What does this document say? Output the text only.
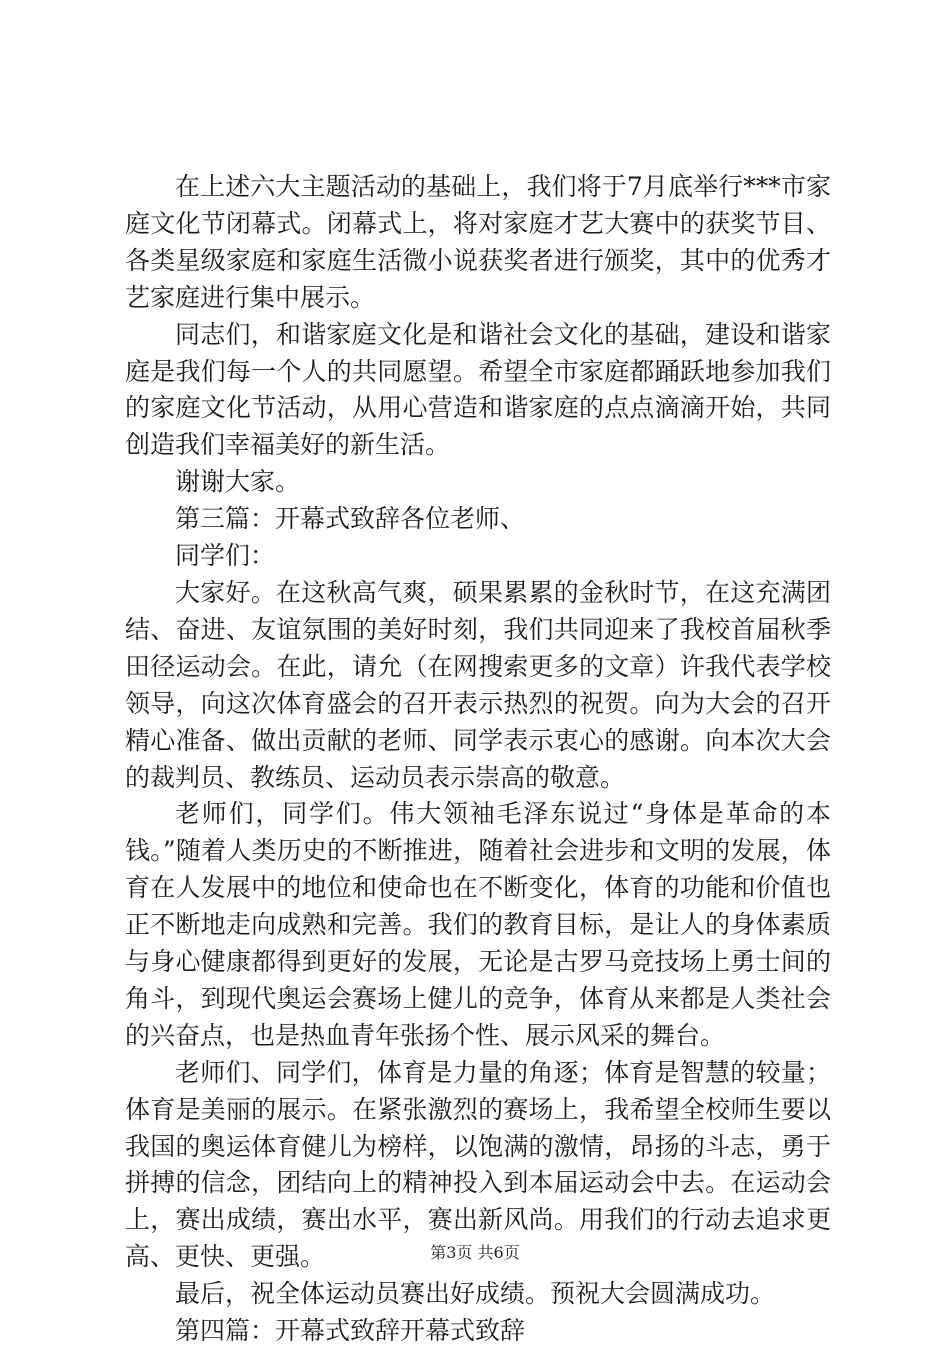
在上述六大主题活动的基础上，我们将于7月底举行***市家庭文化节闭幕式。闭幕式上，将对家庭才艺大赛中的获奖节目、各类星级家庭和家庭生活微小说获奖者进行颁奖，其中的优秀才艺家庭进行集中展示。

同志们，和谐家庭文化是和谐社会文化的基础，建设和谐家庭是我们每一个人的共同愿望。希望全市家庭都踊跃地参加我们的家庭文化节活动，从用心营造和谐家庭的点点滴滴开始，共同创造我们幸福美好的新生活。

谢谢大家。

第三篇：开幕式致辞各位老师、

同学们：

大家好。在这秋高气爽，硕果累累的金秋时节，在这充满团结、奋进、友谊氛围的美好时刻，我们共同迎来了我校首届秋季田径运动会。在此，请允（在网搜索更多的文章）许我代表学校领导，向这次体育盛会的召开表示热烈的祝贺。向为大会的召开精心准备、做出贡献的老师、同学表示衷心的感谢。向本次大会的裁判员、教练员、运动员表示崇高的敬意。

老师们，同学们。伟大领袖毛泽东说过“身体是革命的本钱。”随着人类历史的不断推进，随着社会进步和文明的发展，体育在人发展中的地位和使命也在不断变化，体育的功能和价值也正不断地走向成熟和完善。我们的教育目标，是让人的身体素质与身心健康都得到更好的发展，无论是古罗马竞技场上勇士间的角斗，到现代奥运会赛场上健儿的竞争，体育从来都是人类社会的兴奋点，也是热血青年张扬个性、展示风采的舞台。

老师们、同学们，体育是力量的角逐；体育是智慧的较量；体育是美丽的展示。在紧张激烈的赛场上，我希望全校师生要以我国的奥运体育健儿为榜样，以饱满的激情，昂扬的斗志，勇于拼搏的信念，团结向上的精神投入到本届运动会中去。在运动会上，赛出成绩，赛出水平，赛出新风尚。用我们的行动去追求更高、更快、更强。

最后，祝全体运动员赛出好成绩。预祝大会圆满成功。

第四篇：开幕式致辞开幕式致辞

第3页 共6页
